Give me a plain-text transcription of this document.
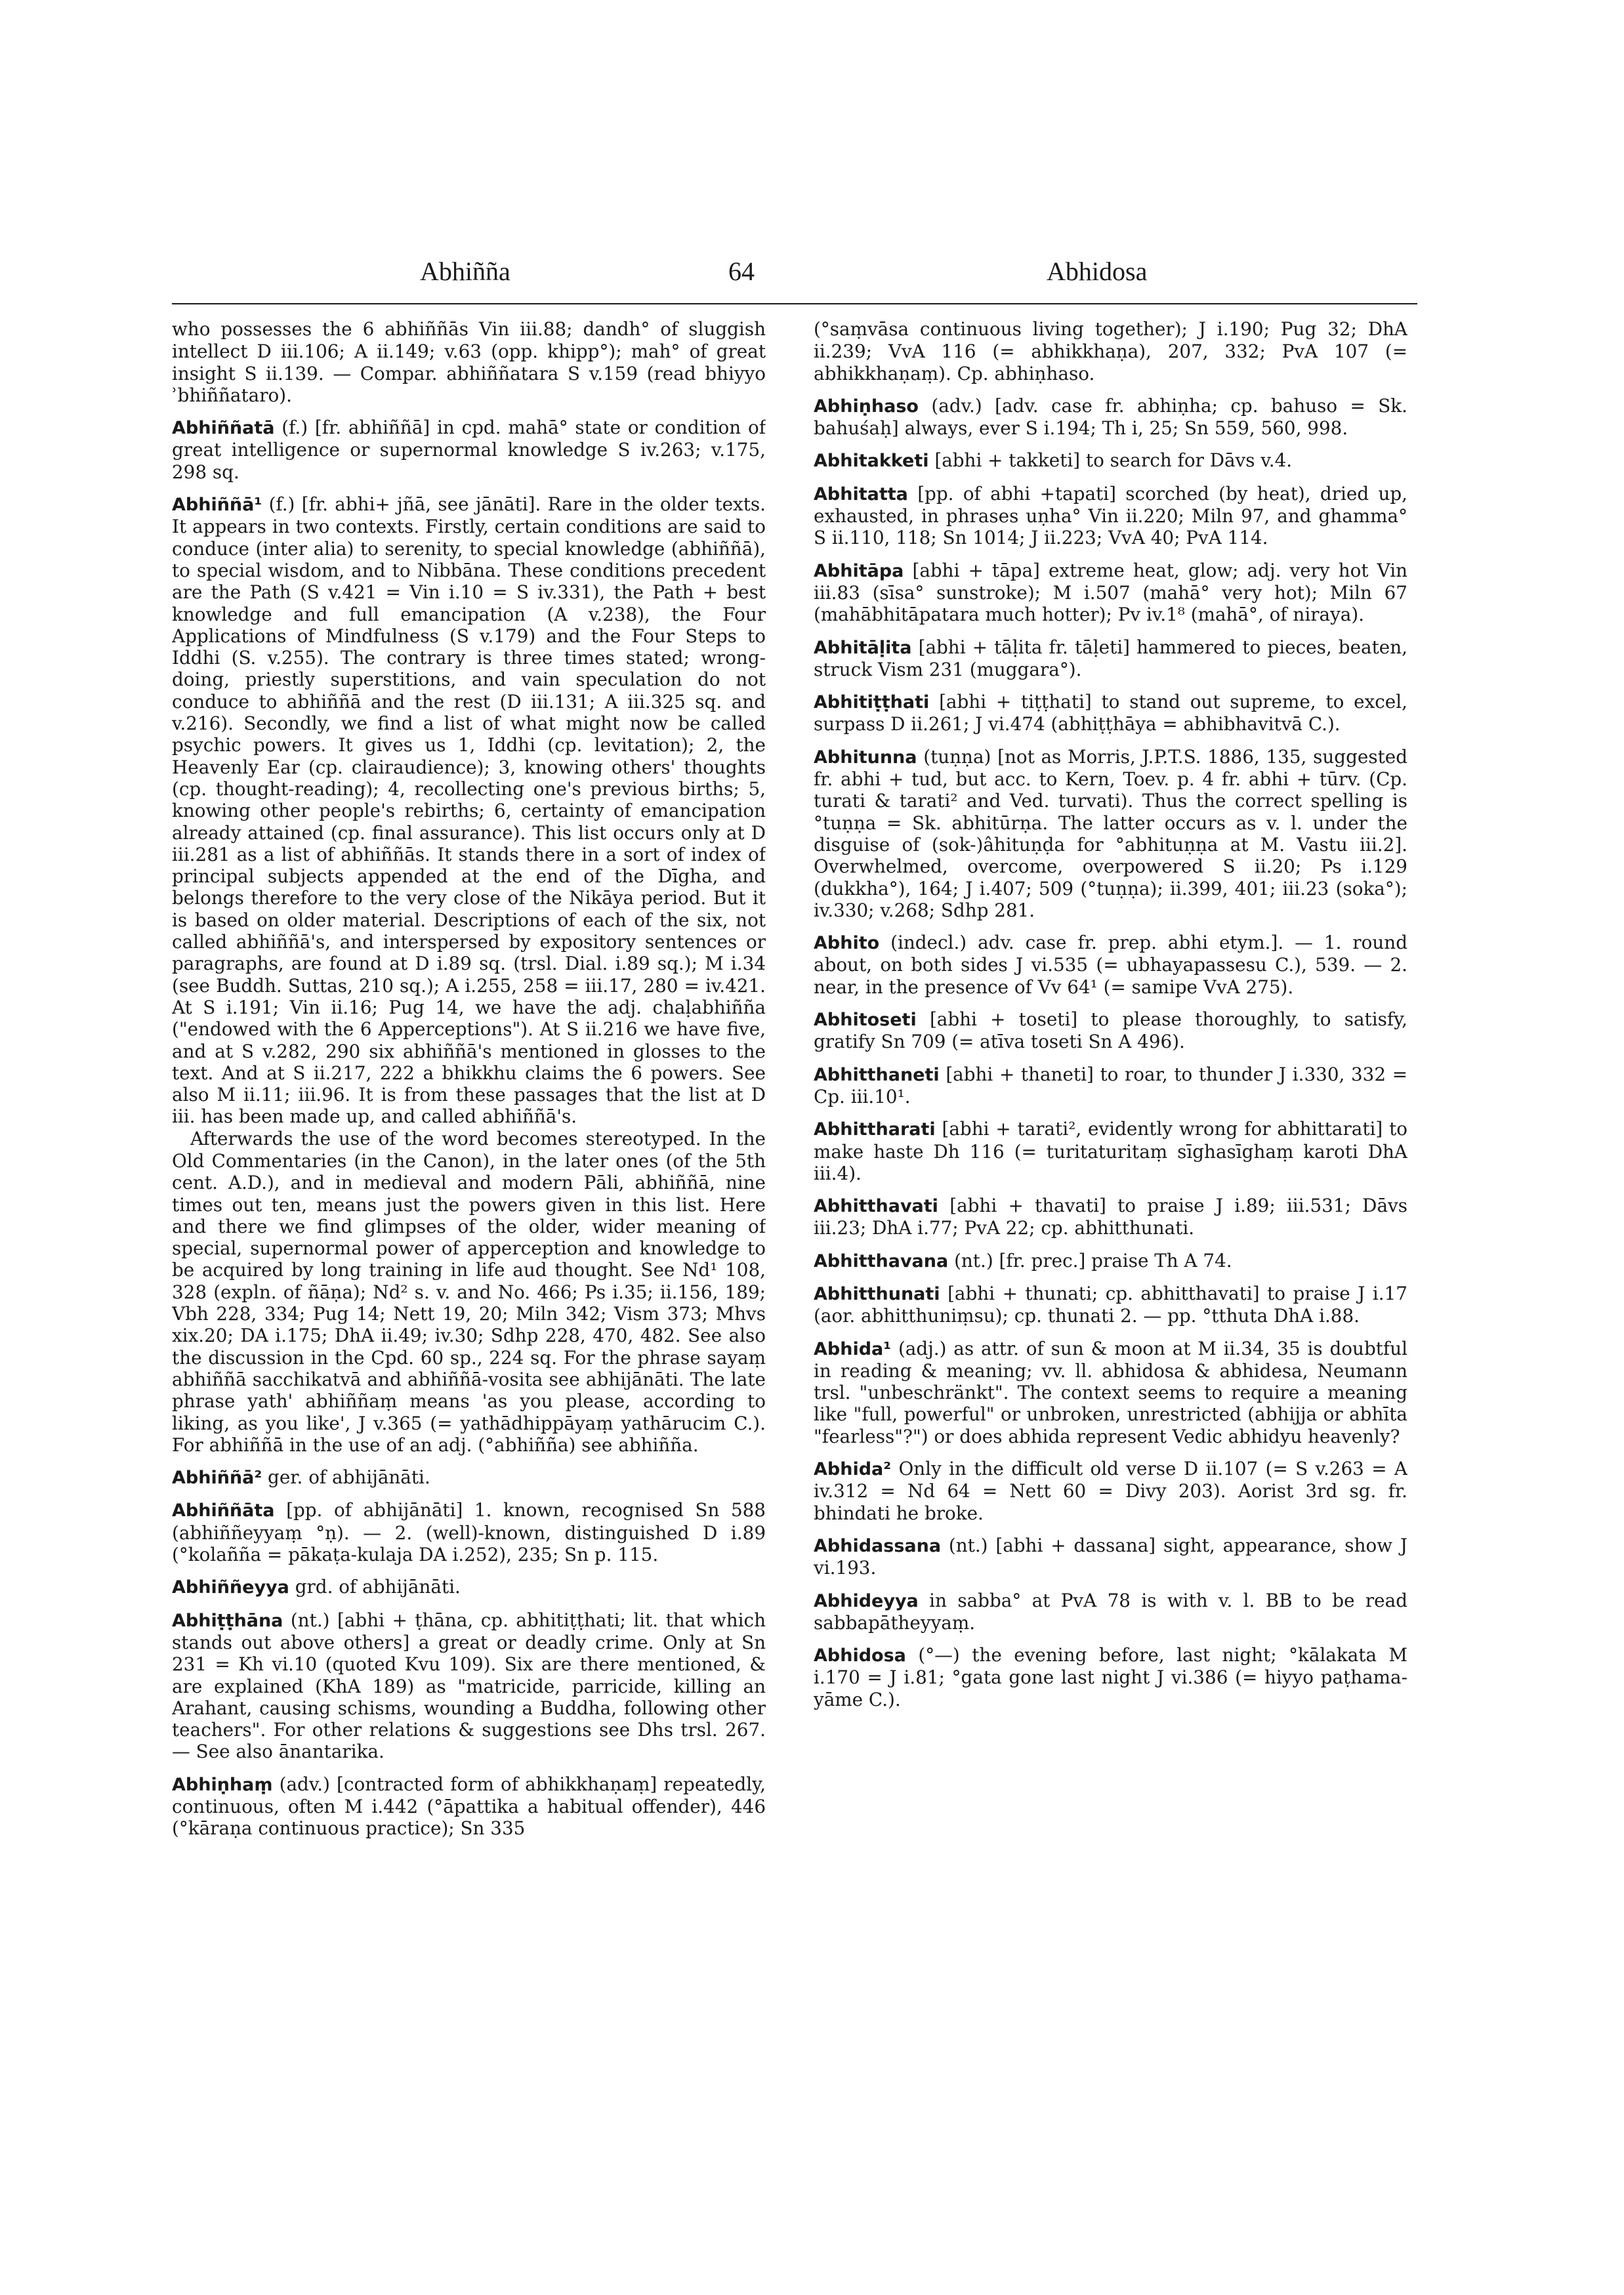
Abhiñña	64	Abhidosa

who possesses the 6 abhiññās Vin iii.88; dandh° of sluggish intellect D iii.106; A ii.149; v.63 (opp. khipp°); mah° of great insight S ii.139. — Compar. abhiññatara S v.159 (read bhiyyo ʾbhiññataro).

Abhiññatā (f.) [fr. abhiññā] in cpd. mahā° state or condition of great intelligence or supernormal knowledge S iv.263; v.175, 298 sq.

Abhiññā¹ (f.) [fr. abhi+ jñā, see jānāti]. Rare in the older texts. It appears in two contexts. Firstly, certain conditions are said to conduce (inter alia) to serenity, to special knowledge (abhiññā), to special wisdom, and to Nibbāna. These conditions precedent are the Path (S v.421 = Vin i.10 = S iv.331), the Path + best knowledge and full emancipation (A v.238), the Four Applications of Mindfulness (S v.179) and the Four Steps to Iddhi (S. v.255). The contrary is three times stated; wrong-doing, priestly superstitions, and vain speculation do not conduce to abhiññā and the rest (D iii.131; A iii.325 sq. and v.216). Secondly, we find a list of what might now be called psychic powers. It gives us 1, Iddhi (cp. levitation); 2, the Heavenly Ear (cp. clairaudience); 3, knowing others' thoughts (cp. thought-reading); 4, recollecting one's previous births; 5, knowing other people's rebirths; 6, certainty of emancipation already attained (cp. final assurance). This list occurs only at D iii.281 as a list of abhiññās. It stands there in a sort of index of principal subjects appended at the end of the Dīgha, and belongs therefore to the very close of the Nikāya period. But it is based on older material. Descriptions of each of the six, not called abhiññā's, and interspersed by expository sentences or paragraphs, are found at D i.89 sq. (trsl. Dial. i.89 sq.); M i.34 (see Buddh. Suttas, 210 sq.); A i.255, 258 = iii.17, 280 = iv.421. At S i.191; Vin ii.16; Pug 14, we have the adj. chaḷabhiñña ("endowed with the 6 Apperceptions"). At S ii.216 we have five, and at S v.282, 290 six abhiññā's mentioned in glosses to the text. And at S ii.217, 222 a bhikkhu claims the 6 powers. See also M ii.11; iii.96. It is from these passages that the list at D iii. has been made up, and called abhiññā's.

Afterwards the use of the word becomes stereotyped. In the Old Commentaries (in the Canon), in the later ones (of the 5th cent. A.D.), and in medieval and modern Pāli, abhiññā, nine times out ten, means just the powers given in this list. Here and there we find glimpses of the older, wider meaning of special, supernormal power of apperception and knowledge to be acquired by long training in life aud thought. See Nd¹ 108, 328 (expln. of ñāṇa); Nd² s. v. and No. 466; Ps i.35; ii.156, 189; Vbh 228, 334; Pug 14; Nett 19, 20; Miln 342; Vism 373; Mhvs xix.20; DA i.175; DhA ii.49; iv.30; Sdhp 228, 470, 482. See also the discussion in the Cpd. 60 sp., 224 sq. For the phrase sayaṃ abhiññā sacchikatvā and abhiññā-vosita see abhijānāti. The late phrase yath' abhiññaṃ means 'as you please, according to liking, as you like', J v.365 (= yathādhippāyaṃ yathārucim C.). For abhiññā in the use of an adj. (°abhiñña) see abhiñña.

Abhiññā² ger. of abhijānāti.

Abhiññāta [pp. of abhijānāti] 1. known, recognised Sn 588 (abhiññeyyaṃ °ṇ). — 2. (well)-known, distinguished D i.89 (°kolañña = pākaṭa-kulaja DA i.252), 235; Sn p. 115.

Abhiññeyya grd. of abhijānāti.

Abhiṭṭhāna (nt.) [abhi + ṭhāna, cp. abhitiṭṭhati; lit. that which stands out above others] a great or deadly crime. Only at Sn 231 = Kh vi.10 (quoted Kvu 109). Six are there mentioned, & are explained (KhA 189) as "matricide, parricide, killing an Arahant, causing schisms, wounding a Buddha, following other teachers". For other relations & suggestions see Dhs trsl. 267. — See also ānantarika.

Abhiṇhaṃ (adv.) [contracted form of abhikkhaṇaṃ] repeatedly, continuous, often M i.442 (°āpattika a habitual offender), 446 (°kāraṇa continuous practice); Sn 335

(°saṃvāsa continuous living together); J i.190; Pug 32; DhA ii.239; VvA 116 (= abhikkhaṇa), 207, 332; PvA 107 (= abhikkhaṇaṃ). Cp. abhiṇhaso.

Abhiṇhaso (adv.) [adv. case fr. abhiṇha; cp. bahuso = Sk. bahuśaḥ] always, ever S i.194; Th i, 25; Sn 559, 560, 998.

Abhitakketi [abhi + takketi] to search for Dāvs v.4.

Abhitatta [pp. of abhi +tapati] scorched (by heat), dried up, exhausted, in phrases uṇha° Vin ii.220; Miln 97, and ghamma° S ii.110, 118; Sn 1014; J ii.223; VvA 40; PvA 114.

Abhitāpa [abhi + tāpa] extreme heat, glow; adj. very hot Vin iii.83 (sīsa° sunstroke); M i.507 (mahā° very hot); Miln 67 (mahābhitāpatara much hotter); Pv iv.1⁸ (mahā°, of niraya).

Abhitāḷita [abhi + tāḷita fr. tāḷeti] hammered to pieces, beaten, struck Vism 231 (muggara°).

Abhitiṭṭhati [abhi + tiṭṭhati] to stand out supreme, to excel, surpass D ii.261; J vi.474 (abhiṭṭhāya = abhibhavitvā C.).

Abhitunna (tuṇṇa) [not as Morris, J.P.T.S. 1886, 135, suggested fr. abhi + tud, but acc. to Kern, Toev. p. 4 fr. abhi + tūrv. (Cp. turati & tarati² and Ved. turvati). Thus the correct spelling is °tuṇṇa = Sk. abhitūrṇa. The latter occurs as v. l. under the disguise of (sok-)âhituṇḍa for °abhituṇṇa at M. Vastu iii.2]. Overwhelmed, overcome, overpowered S ii.20; Ps i.129 (dukkha°), 164; J i.407; 509 (°tuṇṇa); ii.399, 401; iii.23 (soka°); iv.330; v.268; Sdhp 281.

Abhito (indecl.) adv. case fr. prep. abhi etym.]. — 1. round about, on both sides J vi.535 (= ubhayapassesu C.), 539. — 2. near, in the presence of Vv 64¹ (= samipe VvA 275).

Abhitoseti [abhi + toseti] to please thoroughly, to satisfy, gratify Sn 709 (= atīva toseti Sn A 496).

Abhitthaneti [abhi + thaneti] to roar, to thunder J i.330, 332 = Cp. iii.10¹.

Abhittharati [abhi + tarati², evidently wrong for abhittarati] to make haste Dh 116 (= turitaturitaṃ sīghasīghaṃ karoti DhA iii.4).

Abhitthavati [abhi + thavati] to praise J i.89; iii.531; Dāvs iii.23; DhA i.77; PvA 22; cp. abhitthunati.

Abhitthavana (nt.) [fr. prec.] praise Th A 74.

Abhitthunati [abhi + thunati; cp. abhitthavati] to praise J i.17 (aor. abhitthuniṃsu); cp. thunati 2. — pp. °tthuta DhA i.88.

Abhida¹ (adj.) as attr. of sun & moon at M ii.34, 35 is doubtful in reading & meaning; vv. ll. abhidosa & abhidesa, Neumann trsl. "unbeschränkt". The context seems to require a meaning like "full, powerful" or unbroken, unrestricted (abhijja or abhīta "fearless"?") or does abhida represent Vedic abhidyu heavenly?

Abhida² Only in the difficult old verse D ii.107 (= S v.263 = A iv.312 = Nd 64 = Nett 60 = Divy 203). Aorist 3rd sg. fr. bhindati he broke.

Abhidassana (nt.) [abhi + dassana] sight, appearance, show J vi.193.

Abhideyya in sabba° at PvA 78 is with v. l. BB to be read sabbapātheyyaṃ.

Abhidosa (°—) the evening before, last night; °kālakata M i.170 = J i.81; °gata gone last night J vi.386 (= hiyyo paṭhama-yāme C.).
